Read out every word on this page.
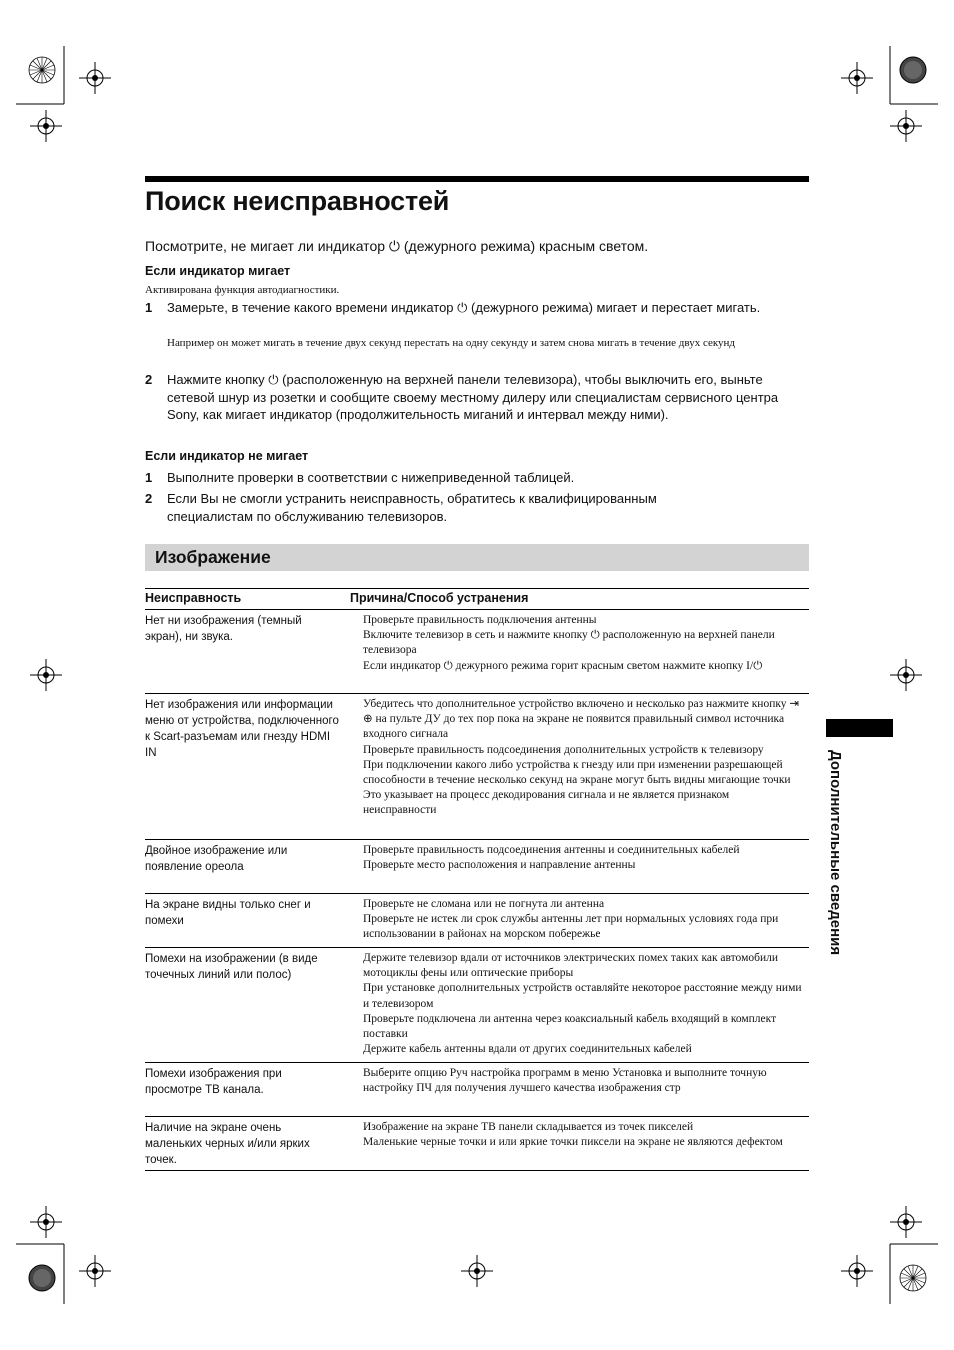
Поиск неисправностей
Посмотрите, не мигает ли индикатор ⏻ (дежурного режима) красным светом.
Если индикатор мигает
Активирована функция автодиагностики.
1 Замерьте, в течение какого времени индикатор ⏻ (дежурного режима) мигает и перестает мигать.
Например он может мигать в течение двух секунд перестать на одну секунду и затем снова мигать в течение двух секунд
2 Нажмите кнопку ⏻ (расположенную на верхней панели телевизора), чтобы выключить его, выньте сетевой шнур из розетки и сообщите своему местному дилеру или специалистам сервисного центра Sony, как мигает индикатор (продолжительность миганий и интервал между ними).
Если индикатор не мигает
1 Выполните проверки в соответствии с нижеприведенной таблицей.
2 Если Вы не смогли устранить неисправность, обратитесь к квалифицированным специалистам по обслуживанию телевизоров.
Изображение
Неисправность	Причина/Способ устранения
Нет ни изображения (темный экран), ни звука.

Проверьте правильность подключения антенны

Включите телевизор в сеть и нажмите кнопку ⏻ расположенную на верхней панели телевизора

Если индикатор ⏻ дежурного режима горит красным светом нажмите кнопку I/⏻

Нет изображения или информации меню от устройства, подключенного к Scart-разъемам или гнезду HDMI IN

Убедитесь что дополнительное устройство включено и несколько раз нажмите кнопку ⇥ ⊕ на пульте ДУ до тех пор пока на экране не появится правильный символ источника входного сигнала

Проверьте правильность подсоединения дополнительных устройств к телевизору

При подключении какого либо устройства к гнезду или при изменении разрешающей способности в течение несколько секунд на экране могут быть видны мигающие точки Это указывает на процесс декодирования сигнала и не является признаком неисправности

Двойное изображение или появление ореола

Проверьте правильность подсоединения антенны и соединительных кабелей

Проверьте место расположения и направление антенны

На экране видны только снег и помехи

Проверьте не сломана или не погнута ли антенна

Проверьте не истек ли срок службы антенны лет при нормальных условиях года при использовании в районах на морском побережье

Помехи на изображении (в виде точечных линий или полос)

Держите телевизор вдали от источников электрических помех таких как автомобили мотоциклы фены или оптические приборы

При установке дополнительных устройств оставляйте некоторое расстояние между ними и телевизором

Проверьте подключена ли антенна через коаксиальный кабель входящий в комплект поставки

Держите кабель антенны вдали от других соединительных кабелей

Помехи изображения при просмотре ТВ канала.

Выберите опцию Руч настройка программ в меню Установка и выполните точную настройку ПЧ для получения лучшего качества изображения стр

Наличие на экране очень маленьких черных и/или ярких точек.

Изображение на экране ТВ панели складывается из точек пикселей

Маленькие черные точки и или яркие точки пиксели на экране не являются дефектом

Дополнительные сведения
